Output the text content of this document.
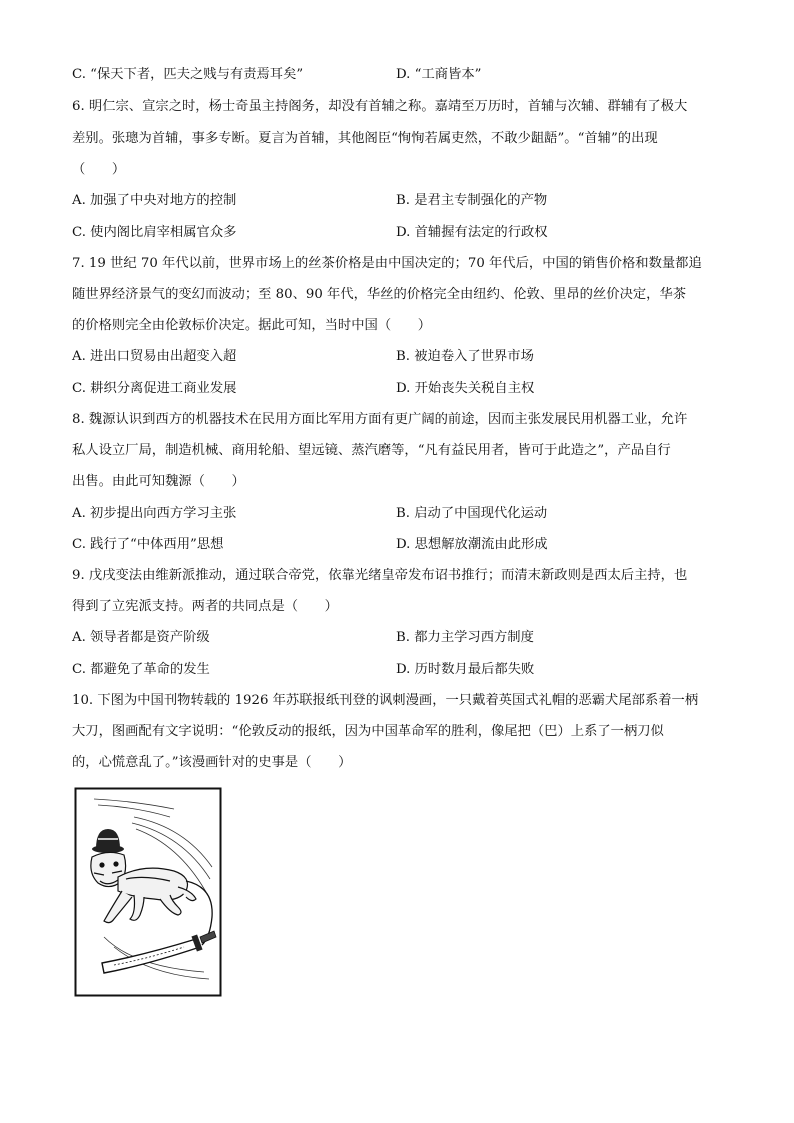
C. “保天下者，匹夫之贱与有责焉耳矣”	D. “工商皆本”
6. 明仁宗、宣宗之时，杨士奇虽主持阁务，却没有首辅之称。嘉靖至万历时，首辅与次辅、群辅有了极大
差别。张璁为首辅，事多专断。夏言为首辅，其他阁臣“恂恂若属吏然，不敢少龃龉”。“首辅”的出现
（　　）
A. 加强了中央对地方的控制	B. 是君主专制强化的产物
C. 使内阁比肩宰相属官众多	D. 首辅握有法定的行政权
7. 19 世纪 70 年代以前，世界市场上的丝茶价格是由中国决定的；70 年代后，中国的销售价格和数量都追
随世界经济景气的变幻而波动；至 80、90 年代，华丝的价格完全由纽约、伦敦、里昂的丝价决定，华茶
的价格则完全由伦敦标价决定。据此可知，当时中国（　　）
A. 进出口贸易由出超变入超	B. 被迫卷入了世界市场
C. 耕织分离促进工商业发展	D. 开始丧失关税自主权
8. 魏源认识到西方的机器技术在民用方面比军用方面有更广阔的前途，因而主张发展民用机器工业，允许
私人设立厂局，制造机械、商用轮船、望远镜、蒸汽磨等，“凡有益民用者，皆可于此造之”，产品自行
出售。由此可知魏源（　　）
A. 初步提出向西方学习主张	B. 启动了中国现代化运动
C. 践行了“中体西用”思想	D. 思想解放潮流由此形成
9. 戊戌变法由维新派推动，通过联合帝党，依靠光绪皇帝发布诏书推行；而清末新政则是西太后主持，也
得到了立宪派支持。两者的共同点是（　　）
A. 领导者都是资产阶级	B. 都力主学习西方制度
C. 都避免了革命的发生	D. 历时数月最后都失败
10. 下图为中国刊物转载的 1926 年苏联报纸刊登的讽刺漫画，一只戴着英国式礼帽的恶霸犬尾部系着一柄
大刀，图画配有文字说明：“伦敦反动的报纸，因为中国革命军的胜利，像尾把（巴）上系了一柄刀似
的，心慌意乱了。”该漫画针对的史事是（　　）
